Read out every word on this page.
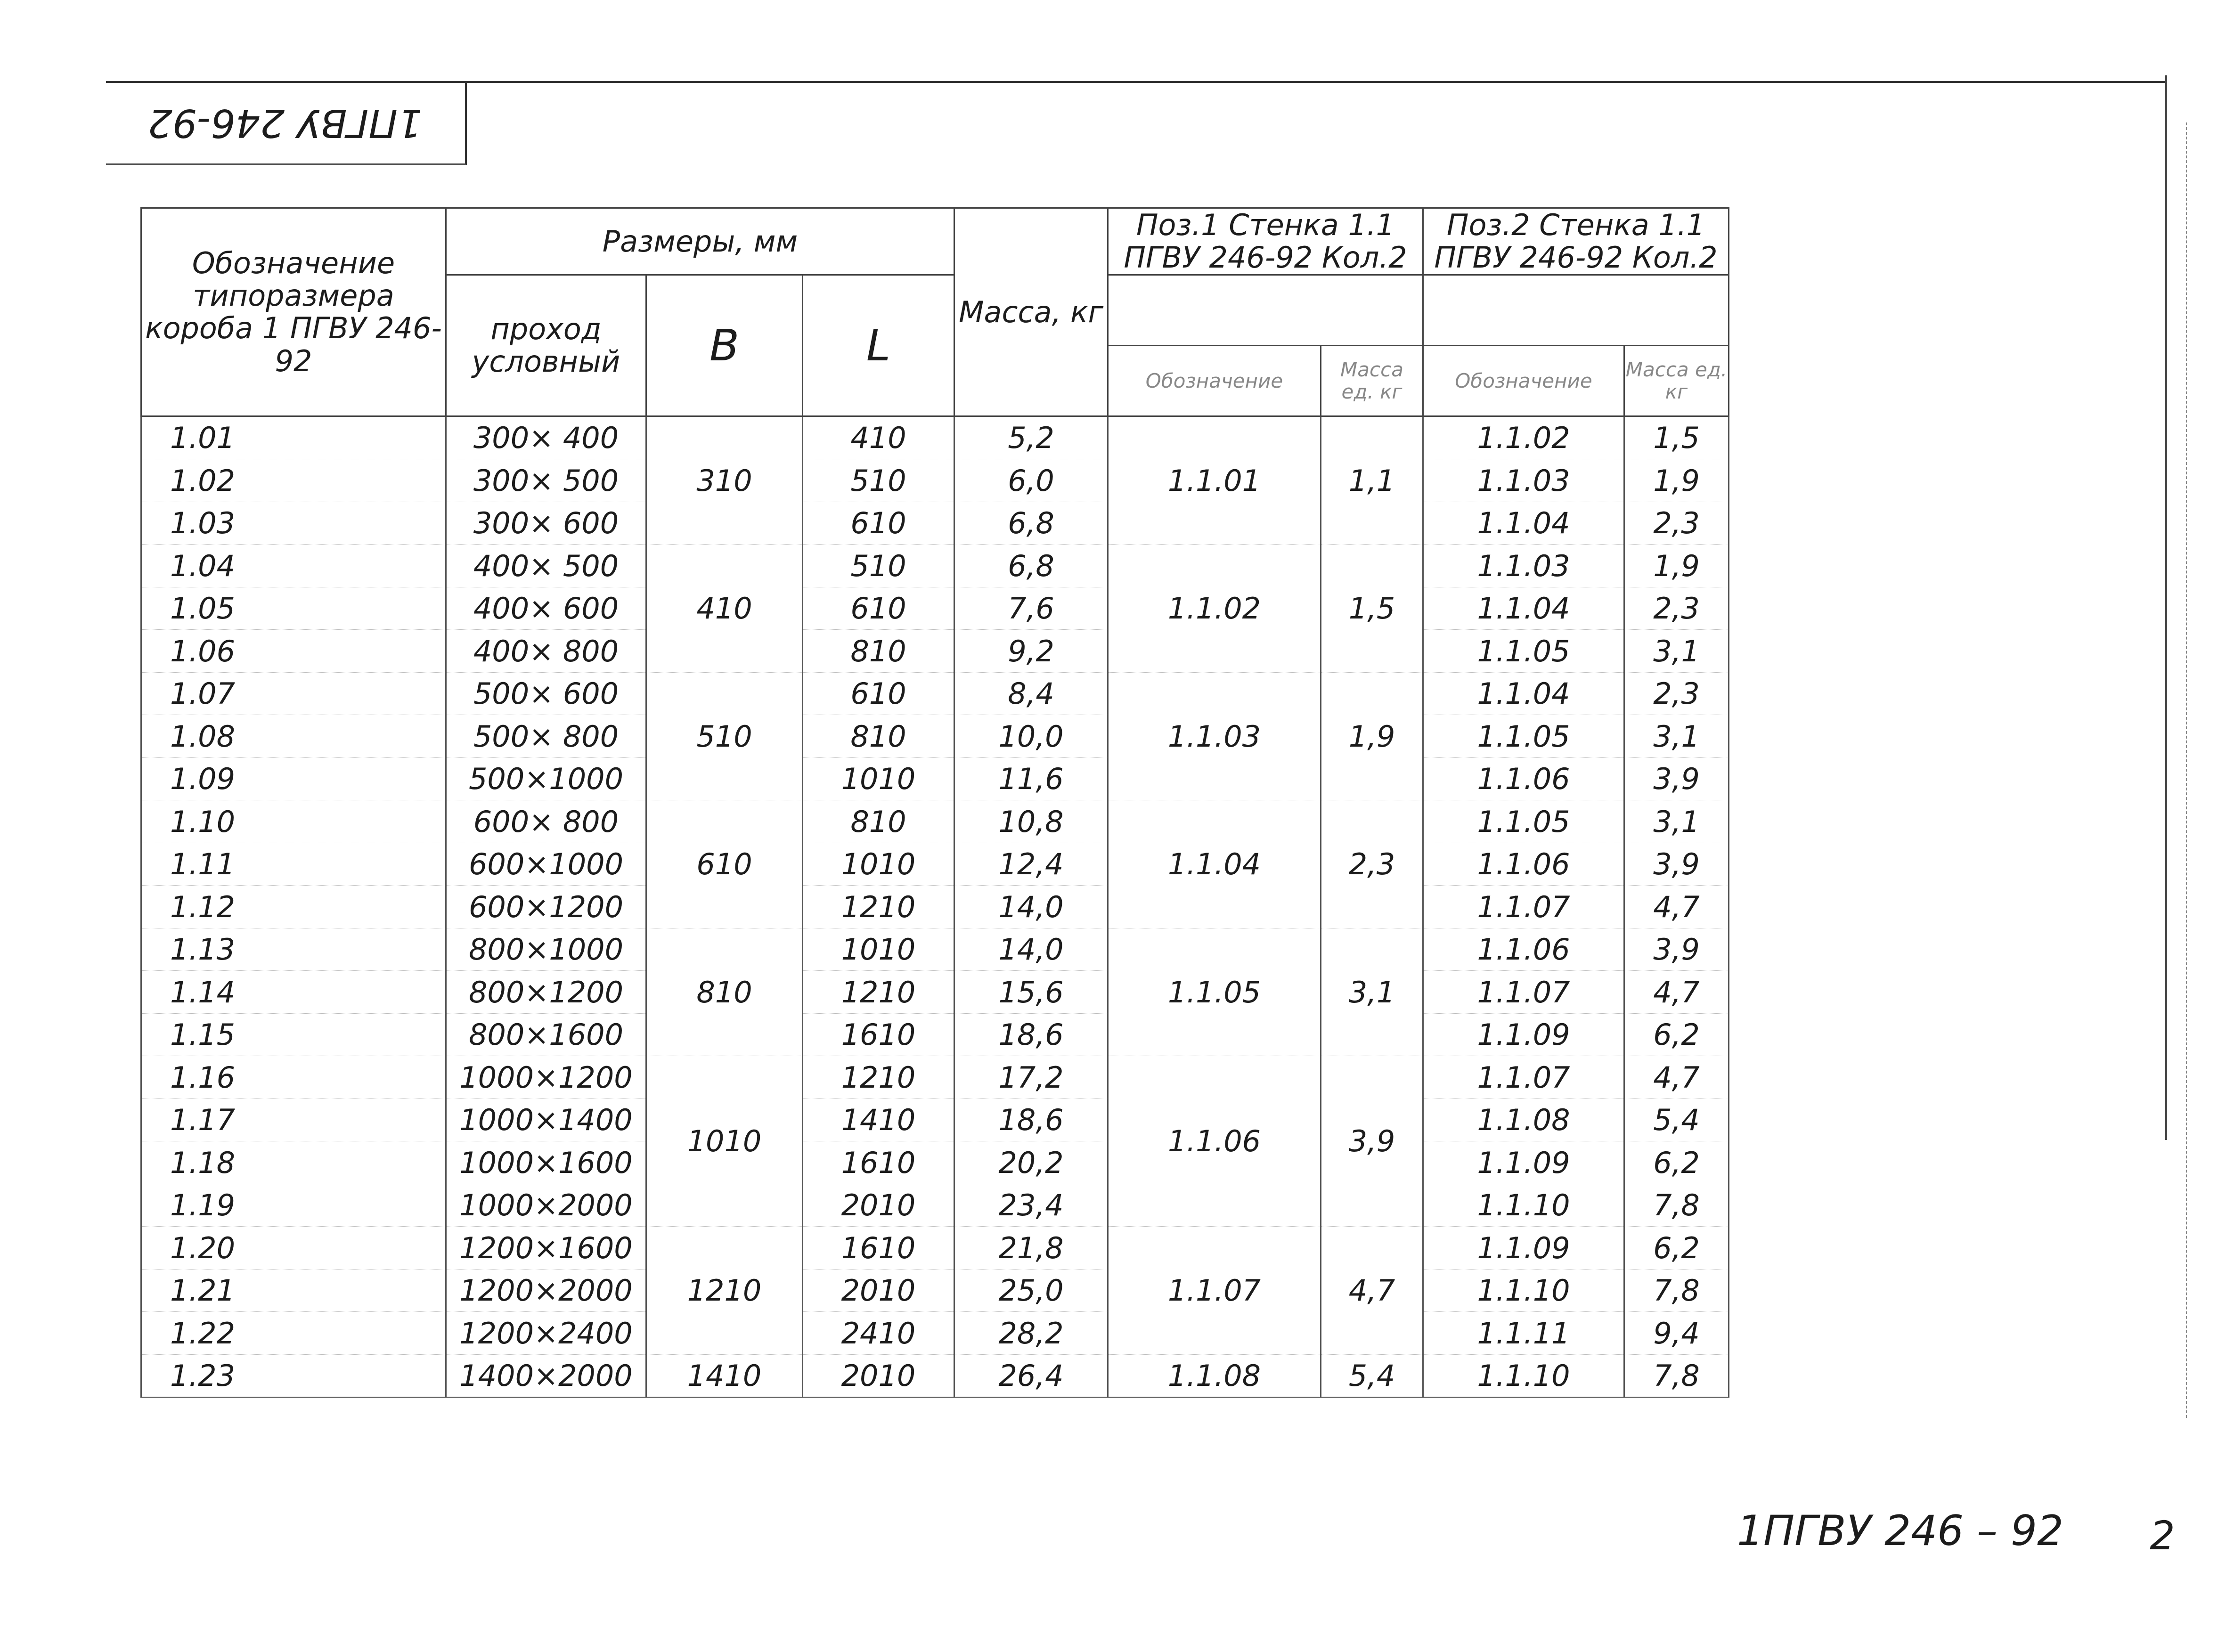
1ПГВУ 246-92
Обозначение типоразмера короба 1 ПГВУ 246-92	Размеры, мм			Масса, кг	Поз.1 Стенка 1.1 ПГВУ 246-92 Кол.2		Поз.2 Стенка 1.1 ПГВУ 246-92 Кол.2	
	проход условный	В	L					
					Обозначение	Масса ед. кг	Обозначение	Масса ед. кг
1.01	300× 400	310	410	5,2	1.1.01	1,1	1.1.02	1,5
1.02	300× 500		510	6,0			1.1.03	1,9
1.03	300× 600		610	6,8			1.1.04	2,3
1.04	400× 500	410	510	6,8	1.1.02	1,5	1.1.03	1,9
1.05	400× 600		610	7,6			1.1.04	2,3
1.06	400× 800		810	9,2			1.1.05	3,1
1.07	500× 600	510	610	8,4	1.1.03	1,9	1.1.04	2,3
1.08	500× 800		810	10,0			1.1.05	3,1
1.09	500×1000		1010	11,6			1.1.06	3,9
1.10	600× 800	610	810	10,8	1.1.04	2,3	1.1.05	3,1
1.11	600×1000		1010	12,4			1.1.06	3,9
1.12	600×1200		1210	14,0			1.1.07	4,7
1.13	800×1000	810	1010	14,0	1.1.05	3,1	1.1.06	3,9
1.14	800×1200		1210	15,6			1.1.07	4,7
1.15	800×1600		1610	18,6			1.1.09	6,2
1.16	1000×1200	1010	1210	17,2	1.1.06	3,9	1.1.07	4,7
1.17	1000×1400		1410	18,6			1.1.08	5,4
1.18	1000×1600		1610	20,2			1.1.09	6,2
1.19	1000×2000		2010	23,4			1.1.10	7,8
1.20	1200×1600	1210	1610	21,8	1.1.07	4,7	1.1.09	6,2
1.21	1200×2000		2010	25,0			1.1.10	7,8
1.22	1200×2400		2410	28,2			1.1.11	9,4
1.23	1400×2000	1410	2010	26,4	1.1.08	5,4	1.1.10	7,8
1ПГВУ 246 – 92 2
